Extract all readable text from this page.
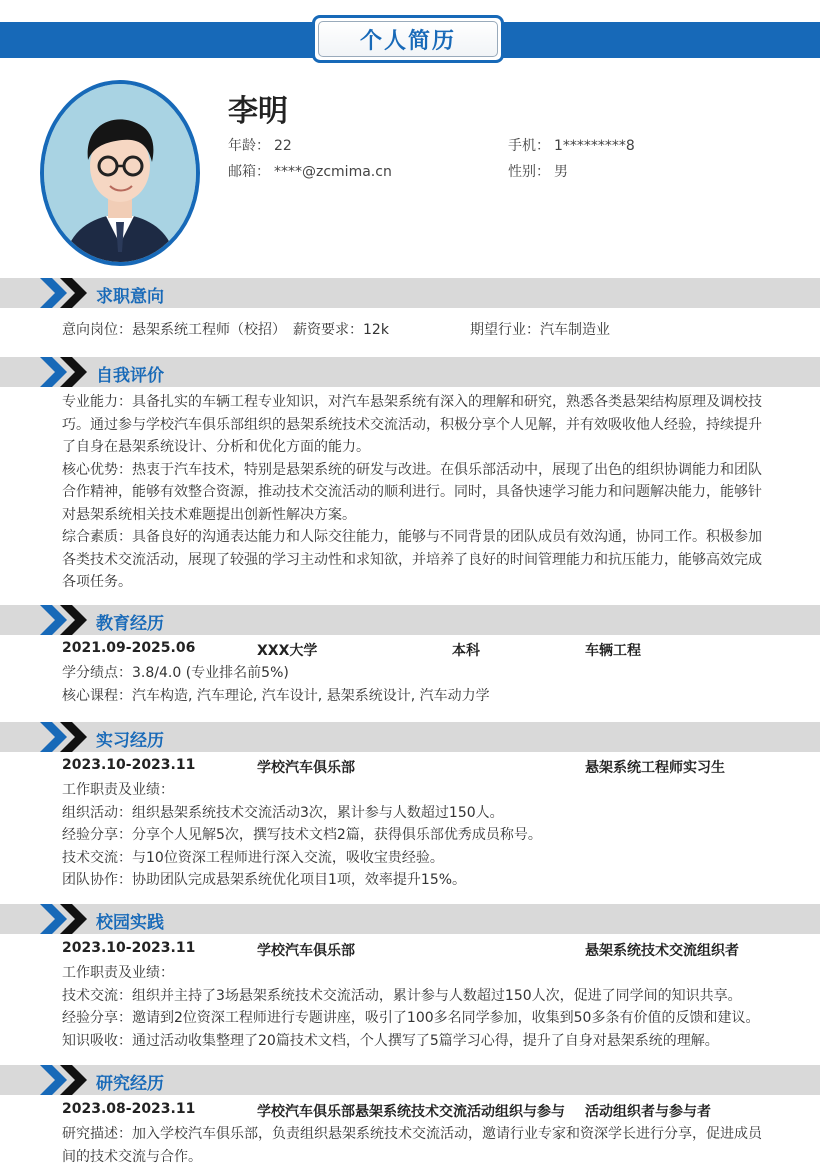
个人简历
李明
年龄： 22	手机： 1*********8
邮箱： ****@zcmima.cn	性别： 男
求职意向
意向岗位：悬架系统工程师（校招） 薪资要求：12k	期望行业：汽车制造业
自我评价

专业能力：具备扎实的车辆工程专业知识，对汽车悬架系统有深入的理解和研究，熟悉各类悬架结构原理及调校技巧。通过参与学校汽车俱乐部组织的悬架系统技术交流活动，积极分享个人见解，并有效吸收他人经验，持续提升了自身在悬架系统设计、分析和优化方面的能力。

核心优势：热衷于汽车技术，特别是悬架系统的研发与改进。在俱乐部活动中，展现了出色的组织协调能力和团队合作精神，能够有效整合资源，推动技术交流活动的顺利进行。同时，具备快速学习能力和问题解决能力，能够针对悬架系统相关技术难题提出创新性解决方案。

综合素质：具备良好的沟通表达能力和人际交往能力，能够与不同背景的团队成员有效沟通，协同工作。积极参加各类技术交流活动，展现了较强的学习主动性和求知欲，并培养了良好的时间管理能力和抗压能力，能够高效完成各项任务。

教育经历
2021.09-2025.06	XXX大学	本科	车辆工程

学分绩点：3.8/4.0 (专业排名前5%)

核心课程：汽车构造, 汽车理论, 汽车设计, 悬架系统设计, 汽车动力学

实习经历
2023.10-2023.11	学校汽车俱乐部	悬架系统工程师实习生

工作职责及业绩：

组织活动：组织悬架系统技术交流活动3次，累计参与人数超过150人。

经验分享：分享个人见解5次，撰写技术文档2篇，获得俱乐部优秀成员称号。

技术交流：与10位资深工程师进行深入交流，吸收宝贵经验。

团队协作：协助团队完成悬架系统优化项目1项，效率提升15%。

校园实践
2023.10-2023.11	学校汽车俱乐部	悬架系统技术交流组织者

工作职责及业绩：

技术交流：组织并主持了3场悬架系统技术交流活动，累计参与人数超过150人次，促进了同学间的知识共享。

经验分享：邀请到2位资深工程师进行专题讲座，吸引了100多名同学参加，收集到50多条有价值的反馈和建议。

知识吸收：通过活动收集整理了20篇技术文档，个人撰写了5篇学习心得，提升了自身对悬架系统的理解。

研究经历
2023.08-2023.11	学校汽车俱乐部悬架系统技术交流活动组织与参与 活动组织者与参与者

研究描述：加入学校汽车俱乐部，负责组织悬架系统技术交流活动，邀请行业专家和资深学长进行分享，促进成员间的技术交流与合作。
